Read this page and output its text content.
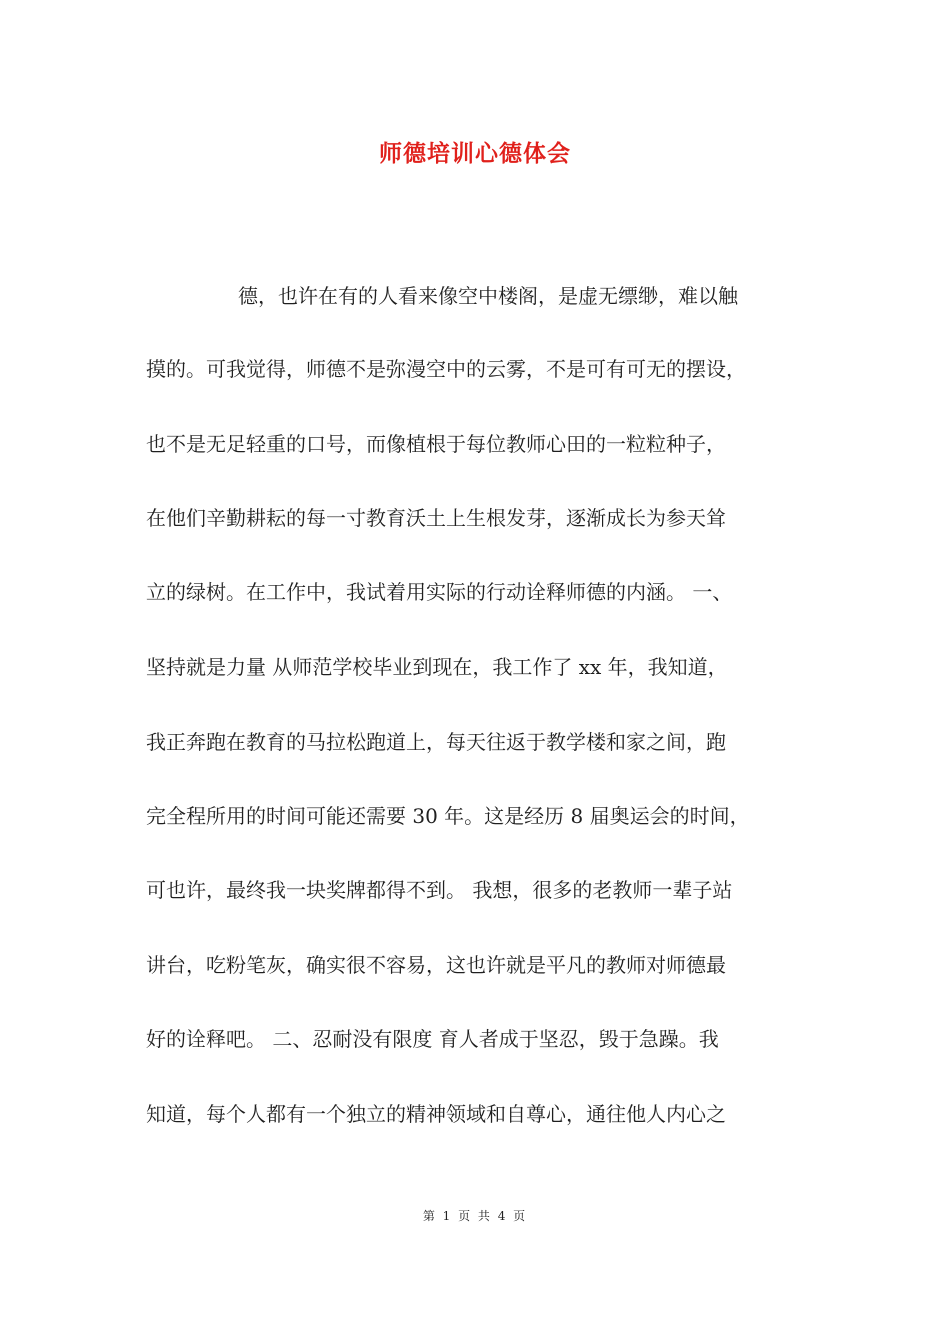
师德培训心德体会
德，也许在有的人看来像空中楼阁，是虚无缥缈，难以触
摸的。可我觉得，师德不是弥漫空中的云雾，不是可有可无的摆设，
也不是无足轻重的口号，而像植根于每位教师心田的一粒粒种子，
在他们辛勤耕耘的每一寸教育沃土上生根发芽，逐渐成长为参天耸
立的绿树。在工作中，我试着用实际的行动诠释师德的内涵。 一、
坚持就是力量 从师范学校毕业到现在，我工作了 xx 年，我知道，
我正奔跑在教育的马拉松跑道上，每天往返于教学楼和家之间，跑
完全程所用的时间可能还需要 30 年。这是经历 8 届奥运会的时间，
可也许，最终我一块奖牌都得不到。 我想，很多的老教师一辈子站
讲台，吃粉笔灰，确实很不容易，这也许就是平凡的教师对师德最
好的诠释吧。 二、忍耐没有限度 育人者成于坚忍，毁于急躁。我
知道，每个人都有一个独立的精神领域和自尊心，通往他人内心之
第 1 页 共 4 页
